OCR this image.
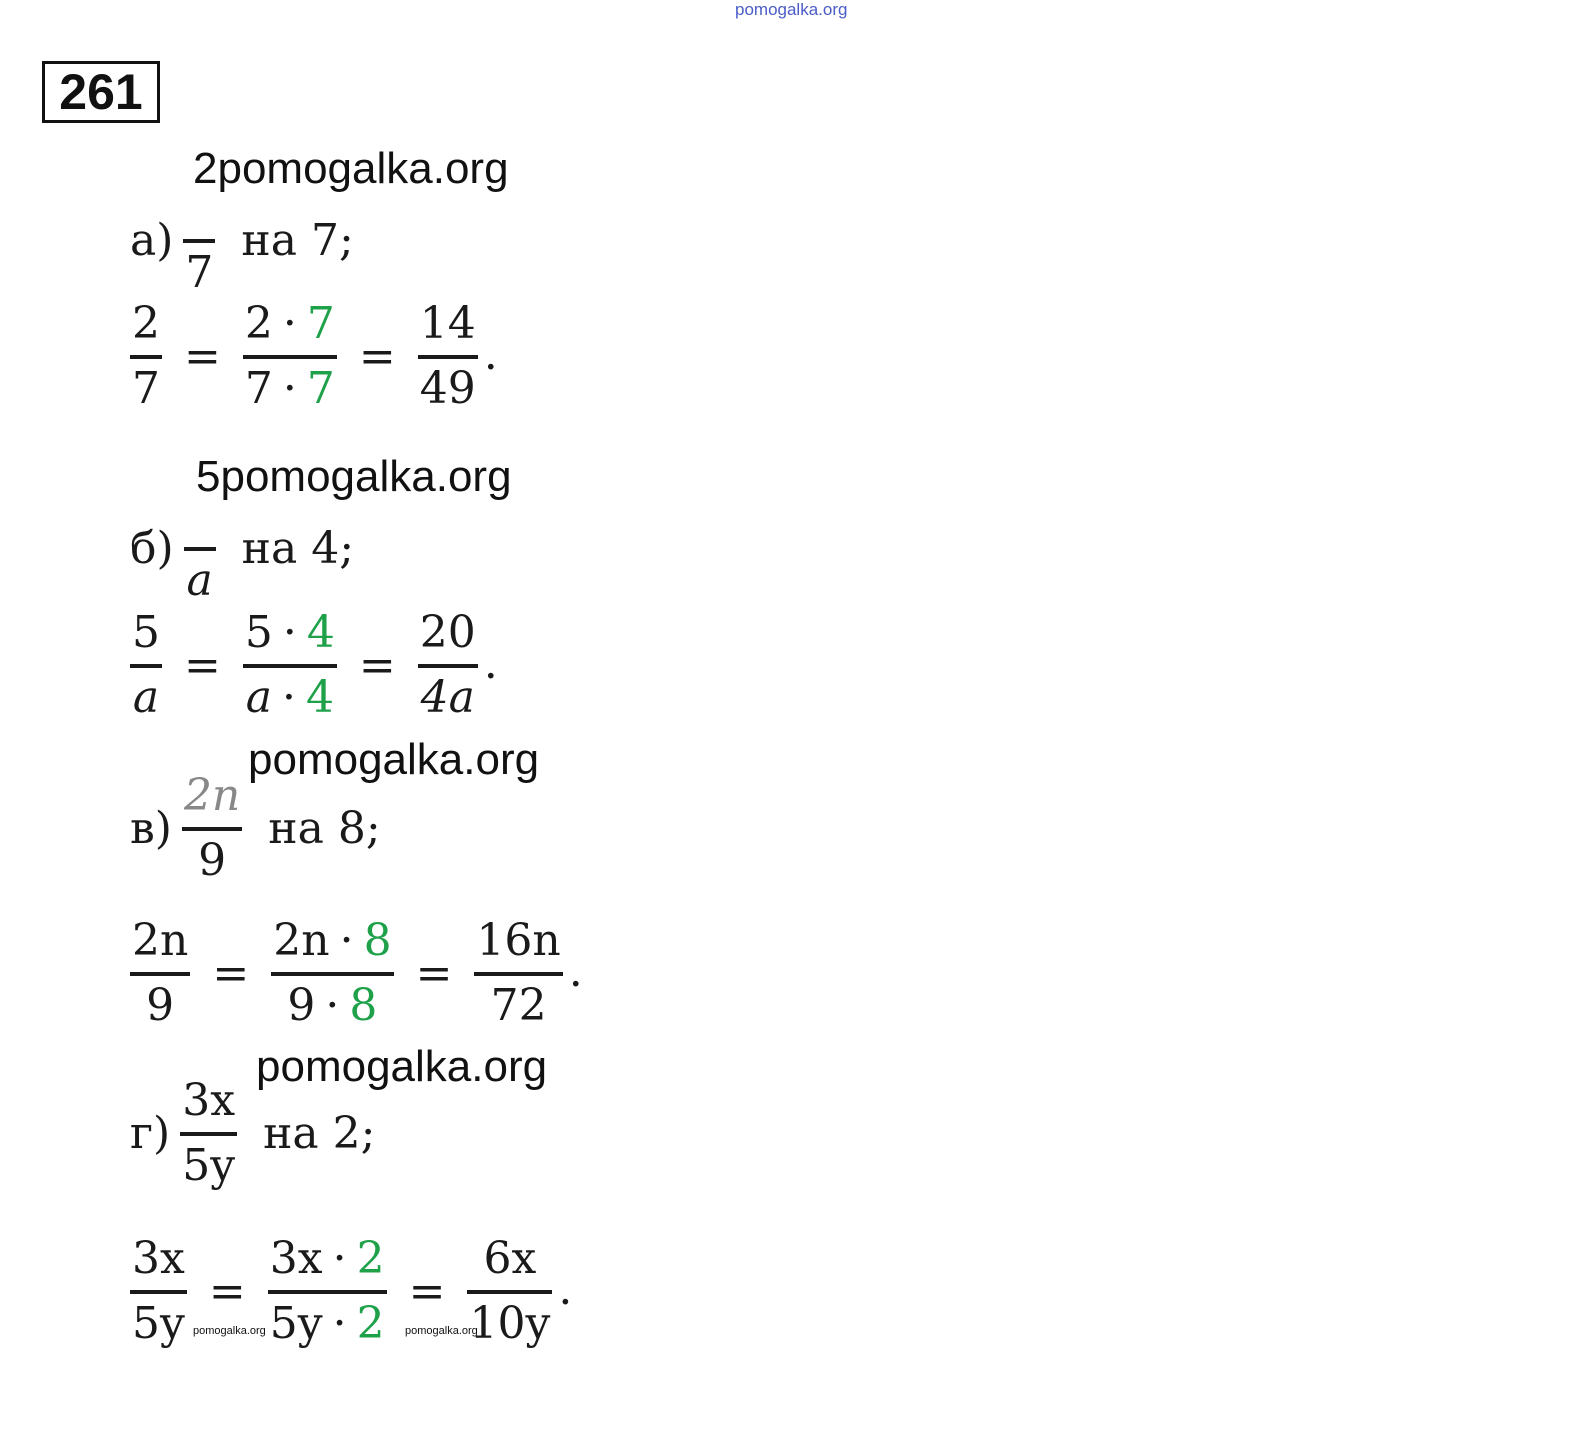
pomogalka.org
261
2pomogalka.org
5pomogalka.org
pomogalka.org
pomogalka.org
pomogalka.org	pomogalka.org
а)
7
на 7;
$\frac{2}{7} = \frac{2 \cdot 7}{7 \cdot 7} = \frac{14}{49}$ .
б)
a
на 4;
$\frac{5}{a} = \frac{5 \cdot 4}{a \cdot 4} = \frac{20}{4a}$ .
$в) \frac{2n}{9}$ на 8;
$\frac{2n}{9} = \frac{2n \cdot 8}{9 \cdot 8} = \frac{16n}{72}$ .
$г) \frac{3x}{5y}$ на 2;
$\frac{3x}{5y} = \frac{3x \cdot 2}{5y \cdot 2} = \frac{6x}{10y}$ .
